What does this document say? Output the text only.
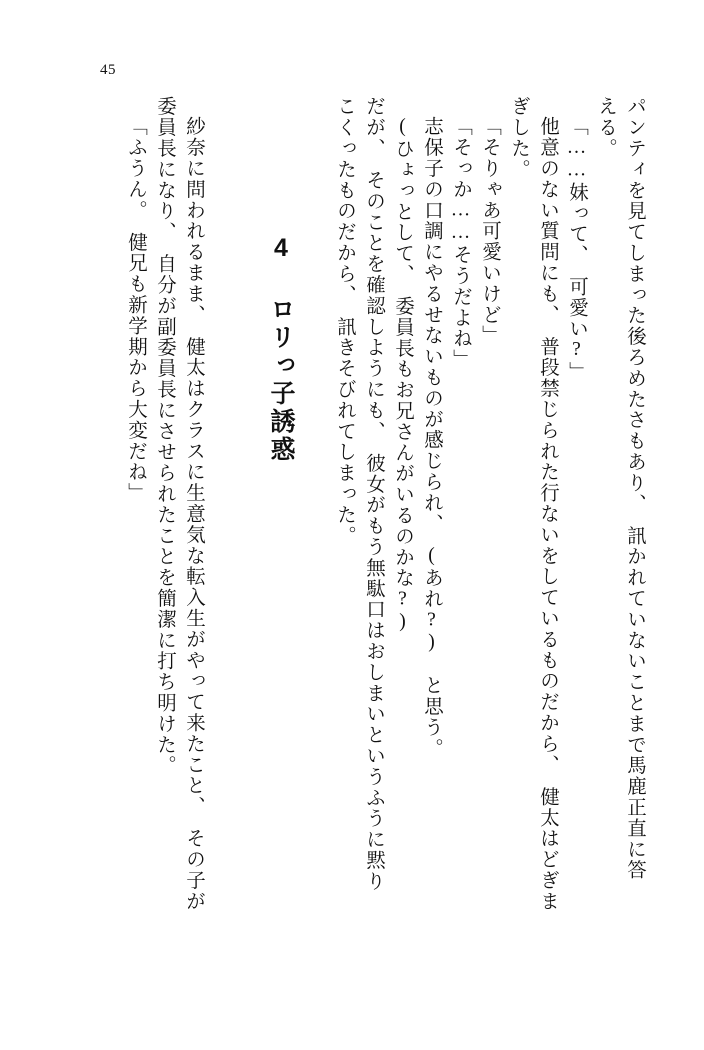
45
パンティを見てしまった後ろめたさもあり、　訊かれていないことまで馬鹿正直に答
える。
「……妹って、　可愛い?」
他意のない質問にも、　普段禁じられた行ないをしているものだから、　健太はどぎま
ぎした。
「そりゃあ可愛いけど」
「そっか……そうだよね」
志保子の口調にやるせないものが感じられ、　(あれ?)　と思う。
(ひょっとして、　委員長もお兄さんがいるのかな?)
だが、　そのことを確認しようにも、　彼女がもう無駄口はおしまいというふうに黙り
こくったものだから、　訊きそびれてしまった。
4 ロリっ子誘惑
紗奈に問われるまま、　健太はクラスに生意気な転入生がやって来たこと、　その子が
委員長になり、　自分が副委員長にさせられたことを簡潔に打ち明けた。
「ふうん。　健兄も新学期から大変だね」
